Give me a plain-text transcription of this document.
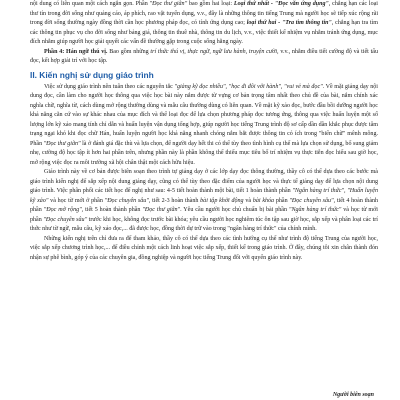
nội dung có liên quan một cách ngắn gọn. Phần "Đọc thư giãn" bao gồm hai loại: Loại thứ nhất - "Đọc văn ứng dụng", chẳng hạn các loại thư tín trong đời sống như quảng cáo, áp phích, rao vặt tuyển dụng, v.v., đây là những thông tin tiếng Trung mà người học sẽ tiếp xúc rộng rãi trong đời sống thường ngày đồng thời cần học phương pháp đọc, có tính ứng dụng cao; loại thứ hai - "Tra tìm thông tin", chẳng hạn tra tìm các thông tin phục vụ cho đời sống như bảng giá, thông tin thuê nhà, thông tin du lịch, v.v., việc thiết kế nhiệm vụ nhằm tránh ứng dụng, mục đích nhằm giúp người học giải quyết các vấn đề thường gặp trong cuộc sống hằng ngày.

Phần 4: Hán ngữ thú vị. Bao gồm những trí thức thú vị, thực ngữ, ngữ lưu hành, truyện cười, v.v., nhằm điều tiết cường độ và tiết tấu đọc, kết hợp giải trí với học tập.

II. Kiến nghị sử dụng giáo trình

Việc sử dụng giáo trình nên tuân theo các nguyên tắc "giảng kỹ đọc nhiều", "học đi đôi với hành", "vui vẻ mà đọc". Về mặt giảng dạy nội dung đọc, cần làm cho người học thông qua việc học bài này nắm được từ vựng cơ bản trọng tâm nhất theo chủ đề của bài, nắm chính xác nghĩa chữ, nghĩa từ, cách dùng mở rộng thường dùng và mẫu câu thường dùng có liên quan. Về mặt kỹ xảo đọc, bước đầu bồi dưỡng người học khả năng căn cứ vào sự khác nhau của mục đích và thể loại đọc để lựa chọn phương pháp đọc tương ứng, thông qua việc huấn luyện một số lượng lớn kỹ xảo mang tính chỉ dẫn và huấn luyện vận dụng tổng hợp, giúp người học tiếng Trung trình độ sơ cấp dần dần khắc phục được tâm trạng ngại khó khi đọc chữ Hán, huấn luyện người học khả năng nhanh chóng nắm bắt được thông tin có ích trong "biển chữ" mênh mông. Phần "Đọc thư giãn" là ở đánh giá đặc thù và lựa chọn, để người dạy hết thi có thể tùy theo tình hình cụ thể mà lựa chọn sử dụng, bổ sung giảm nhẹ, cường độ học tập ít hơn hai phần trên, nhưng phần này là phần không thể thiếu mục tiêu bố trí nhiệm vụ thực tiễn đọc hiểu sau giờ học, mở rộng việc đọc ra môi trường xã hội chân thật một cách hữu hiệu.

Giáo trình này về cơ bản được biên soạn theo trình tự giảng dạy ở các lớp dạy đọc thông thường, thầy cô có thể dựa theo các bước mà giáo trình kiến nghị để sắp xếp nội dung giảng dạy, cũng có thể tùy theo đặc điểm của người học và thực tế giảng dạy để lựa chọn nội dung giáo trình. Việc phân phối các tiết học để nghị như sau: 4-5 tiết hoàn thành một bài, tiết 1 hoàn thành phần "Ngân hàng trí thức", "Huấn luyện kỹ xảo" và học từ mới ở phần "Đọc chuyên sâu", tiết 2-3 hoàn thành bài tập khởi động và bài khóa phần "Đọc chuyên sâu", tiết 4 hoàn thành phần "Đọc mở rộng", tiết 5 hoàn thành phần "Đọc thư giãn". Yêu cầu người học chủ chuẩn bị bài phần "Ngân hàng trí thức" và học từ mới phần "Đọc chuyên sâu" trước khi học, không đọc trước bài khóa; yêu cầu người học nghiêm túc ôn tập sau giờ học, sắp xếp và phân loại các trí thức như từ ngữ, mẫu câu, kỹ xảo đọc,... đã được học, đồng thời dự trữ vào trong "ngân hàng trí thức" của chính mình.

Những kiến nghị trên chỉ đưa ra để tham khảo, thầy cô có thể dựa theo các tình hướng cụ thể như trình độ tiếng Trung của người học, việc sắp xếp chương trình học,... để điều chỉnh một cách linh hoạt việc sắp xếp, thiết kế trong giáo trình. Ở đây, chúng tôi xin chân thành đón nhận sự phê bình, góp ý của các chuyên gia, đồng nghiệp và người học tiếng Trung đối với quyển giáo trình này.

Người biên soạn
